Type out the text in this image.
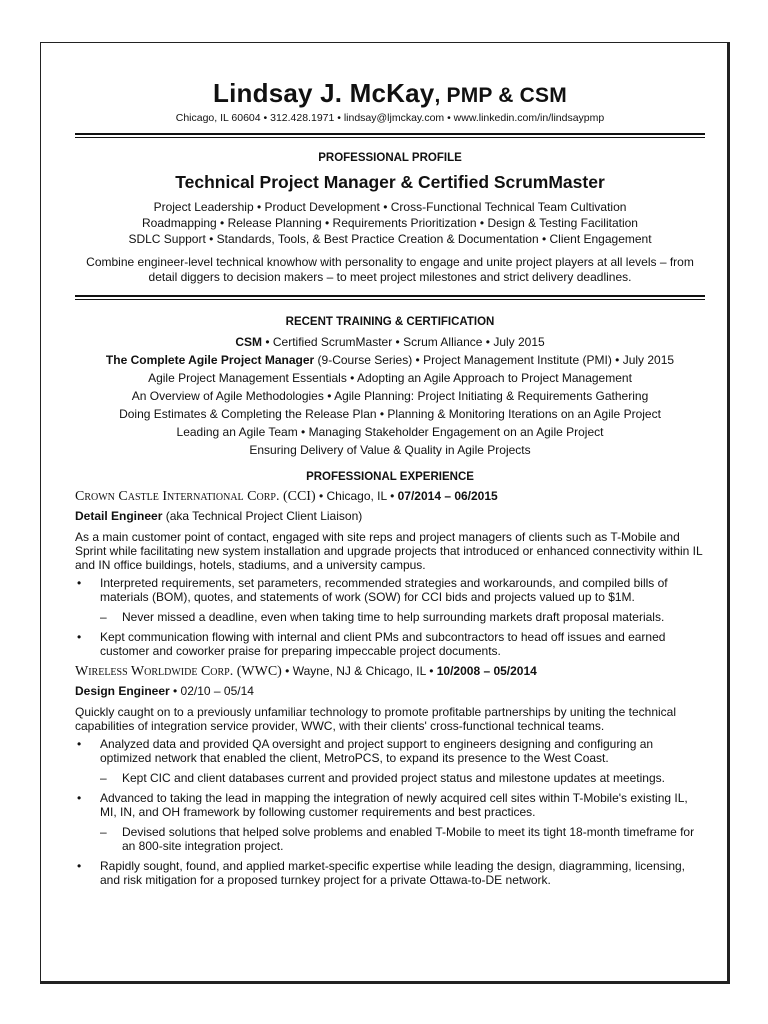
Lindsay J. McKay, PMP & CSM
Chicago, IL 60604 • 312.428.1971 • lindsay@ljmckay.com • www.linkedin.com/in/lindsaypmp
PROFESSIONAL PROFILE
Technical Project Manager & Certified ScrumMaster
Project Leadership • Product Development • Cross-Functional Technical Team Cultivation
Roadmapping • Release Planning • Requirements Prioritization • Design & Testing Facilitation
SDLC Support • Standards, Tools, & Best Practice Creation & Documentation • Client Engagement
Combine engineer-level technical knowhow with personality to engage and unite project players at all levels – from detail diggers to decision makers – to meet project milestones and strict delivery deadlines.
RECENT TRAINING & CERTIFICATION
CSM • Certified ScrumMaster • Scrum Alliance • July 2015
The Complete Agile Project Manager (9-Course Series) • Project Management Institute (PMI) • July 2015
Agile Project Management Essentials • Adopting an Agile Approach to Project Management
An Overview of Agile Methodologies • Agile Planning: Project Initiating & Requirements Gathering
Doing Estimates & Completing the Release Plan • Planning & Monitoring Iterations on an Agile Project
Leading an Agile Team • Managing Stakeholder Engagement on an Agile Project
Ensuring Delivery of Value & Quality in Agile Projects
PROFESSIONAL EXPERIENCE
Crown Castle International Corp. (CCI) • Chicago, IL • 07/2014 – 06/2015
Detail Engineer (aka Technical Project Client Liaison)
As a main customer point of contact, engaged with site reps and project managers of clients such as T-Mobile and Sprint while facilitating new system installation and upgrade projects that introduced or enhanced connectivity within IL and IN office buildings, hotels, stadiums, and a university campus.
• Interpreted requirements, set parameters, recommended strategies and workarounds, and compiled bills of materials (BOM), quotes, and statements of work (SOW) for CCI bids and projects valued up to $1M.
– Never missed a deadline, even when taking time to help surrounding markets draft proposal materials.
• Kept communication flowing with internal and client PMs and subcontractors to head off issues and earned customer and coworker praise for preparing impeccable project documents.
Wireless Worldwide Corp. (WWC) • Wayne, NJ & Chicago, IL • 10/2008 – 05/2014
Design Engineer • 02/10 – 05/14
Quickly caught on to a previously unfamiliar technology to promote profitable partnerships by uniting the technical capabilities of integration service provider, WWC, with their clients' cross-functional technical teams.
• Analyzed data and provided QA oversight and project support to engineers designing and configuring an optimized network that enabled the client, MetroPCS, to expand its presence to the West Coast.
– Kept CIC and client databases current and provided project status and milestone updates at meetings.
• Advanced to taking the lead in mapping the integration of newly acquired cell sites within T-Mobile's existing IL, MI, IN, and OH framework by following customer requirements and best practices.
– Devised solutions that helped solve problems and enabled T-Mobile to meet its tight 18-month timeframe for an 800-site integration project.
• Rapidly sought, found, and applied market-specific expertise while leading the design, diagramming, licensing, and risk mitigation for a proposed turnkey project for a private Ottawa-to-DE network.
